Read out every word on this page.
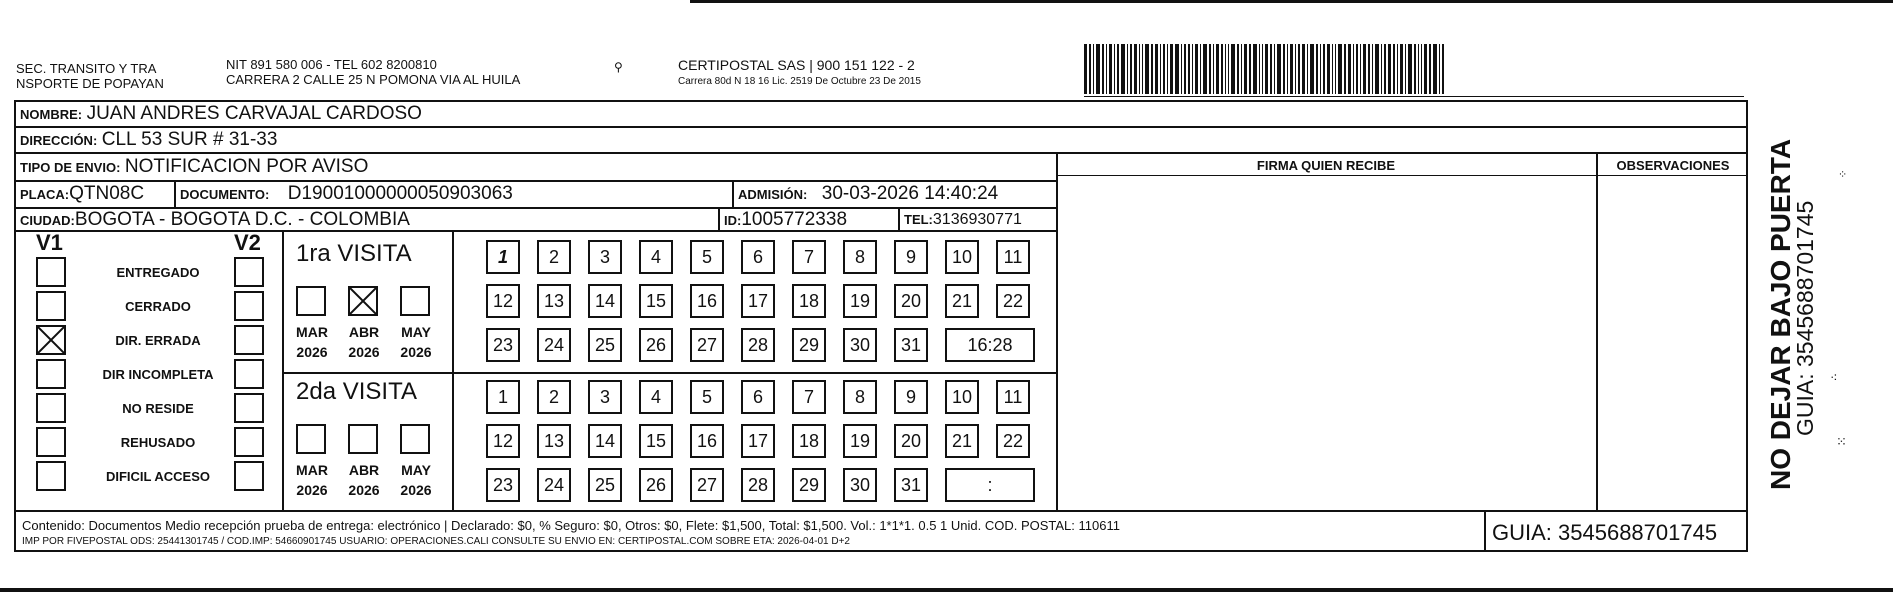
SEC. TRANSITO Y TRA
NSPORTE DE POPAYAN
NIT 891 580 006 - TEL 602 8200810
CARRERA 2 CALLE 25 N POMONA VIA AL HUILA
⚲	CERTIPOSTAL SAS | 900 151 122 - 2
Carrera 80d N 18 16 Lic. 2519 De Octubre 23 De 2015
NOMBRE: JUAN ANDRES CARVAJAL CARDOSO
DIRECCIÓN: CLL 53 SUR # 31-33
TIPO DE ENVIO: NOTIFICACION POR AVISO	FIRMA QUIEN RECIBE	OBSERVACIONES
PLACA:QTN08C	DOCUMENTO: D19001000000050903063	ADMISIÓN: 30-03-2026 14:40:24
CIUDAD:BOGOTA - BOGOTA D.C. - COLOMBIA	ID:1005772338	TEL:3136930771
V1	V2
ENTREGADO
CERRADO
DIR. ERRADA
DIR INCOMPLETA
NO RESIDE
REHUSADO
DIFICIL ACCESO
1ra VISITA
2da VISITA
MAR
2026
ABR
2026
MAY
2026
MAR
2026
ABR
2026
MAY
2026
1	2	3	4	5	6	7	8	9	10	11
12	13	14	15	16	17	18	19	20	21	22
23	24	25	26	27	28	29	30	31	16:28
1	2	3	4	5	6	7	8	9	10	11
12	13	14	15	16	17	18	19	20	21	22
23	24	25	26	27	28	29	30	31	:
Contenido: Documentos Medio recepción prueba de entrega: electrónico | Declarado: $0, % Seguro: $0, Otros: $0, Flete: $1,500, Total: $1,500. Vol.: 1*1*1. 0.5 1 Unid. COD. POSTAL: 110611
IMP POR FIVEPOSTAL ODS: 25441301745 / COD.IMP: 54660901745 USUARIO: OPERACIONES.CALI CONSULTE SU ENVIO EN: CERTIPOSTAL.COM SOBRE ETA: 2026-04-01 D+2	GUIA: 3545688701745
NO DEJAR BAJO PUERTA
GUIA: 3545688701745
⁘
⁖
⁙
